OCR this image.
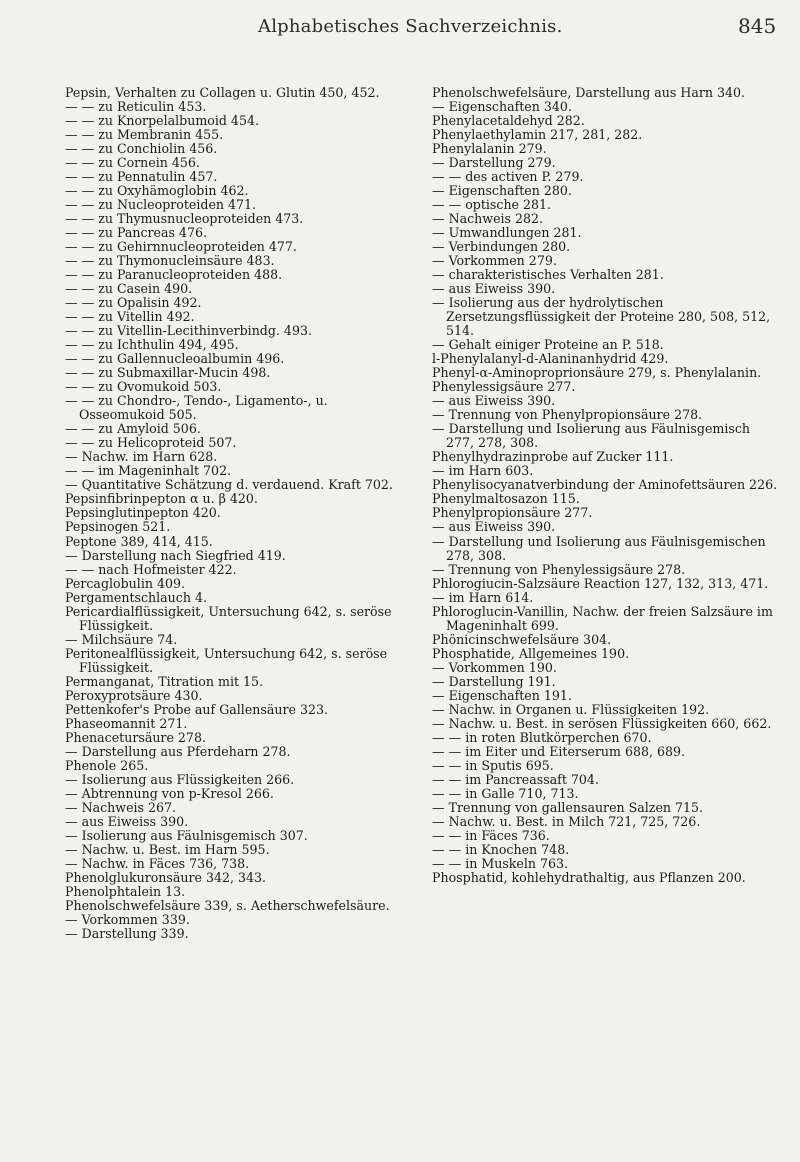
Alphabetisches Sachverzeichnis.	845

Pepsin, Verhalten zu Collagen u. Glutin 450, 452.

— — zu Reticulin 453.

— — zu Knorpelalbumoid 454.

— — zu Membranin 455.

— — zu Conchiolin 456.

— — zu Cornein 456.

— — zu Pennatulin 457.

— — zu Oxyhämoglobin 462.

— — zu Nucleoproteiden 471.

— — zu Thymusnucleoproteiden 473.

— — zu Pancreas 476.

— — zu Gehirnnucleoproteiden 477.

— — zu Thymonucleinsäure 483.

— — zu Paranucleoproteiden 488.

— — zu Casein 490.

— — zu Opalisin 492.

— — zu Vitellin 492.

— — zu Vitellin-Lecithinverbindg. 493.

— — zu Ichthulin 494, 495.

— — zu Gallennucleoalbumin 496.

— — zu Submaxillar-Mucin 498.

— — zu Ovomukoid 503.

— — zu Chondro-, Tendo-, Ligamento-, u. Osseomukoid 505.

— — zu Amyloid 506.

— — zu Helicoproteid 507.

— Nachw. im Harn 628.

— — im Mageninhalt 702.

— Quantitative Schätzung d. verdauend. Kraft 702.

Pepsinfibrinpepton α u. β 420.

Pepsinglutinpepton 420.

Pepsinogen 521.

Peptone 389, 414, 415.

— Darstellung nach Siegfried 419.

— — nach Hofmeister 422.

Percaglobulin 409.

Pergamentschlauch 4.

Pericardialflüssigkeit, Untersuchung 642, s. seröse Flüssigkeit.

— Milchsäure 74.

Peritonealflüssigkeit, Untersuchung 642, s. seröse Flüssigkeit.

Permanganat, Titration mit 15.

Peroxyprotsäure 430.

Pettenkofer's Probe auf Gallensäure 323.

Phaseomannit 271.

Phenacetursäure 278.

— Darstellung aus Pferdeharn 278.

Phenole 265.

— Isolierung aus Flüssigkeiten 266.

— Abtrennung von p-Kresol 266.

— Nachweis 267.

— aus Eiweiss 390.

— Isolierung aus Fäulnisgemisch 307.

— Nachw. u. Best. im Harn 595.

— Nachw. in Fäces 736, 738.

Phenolglukuronsäure 342, 343.

Phenolphtalein 13.

Phenolschwefelsäure 339, s. Aetherschwefelsäure.

— Vorkommen 339.

— Darstellung 339.

Phenolschwefelsäure, Darstellung aus Harn 340.

— Eigenschaften 340.

Phenylacetaldehyd 282.

Phenylaethylamin 217, 281, 282.

Phenylalanin 279.

— Darstellung 279.

— — des activen P. 279.

— Eigenschaften 280.

— — optische 281.

— Nachweis 282.

— Umwandlungen 281.

— Verbindungen 280.

— Vorkommen 279.

— charakteristisches Verhalten 281.

— aus Eiweiss 390.

— Isolierung aus der hydrolytischen Zersetzungsflüssigkeit der Proteine 280, 508, 512, 514.

— Gehalt einiger Proteine an P. 518.

l-Phenylalanyl-d-Alaninanhydrid 429.

Phenyl-α-Aminoproprionsäure 279, s. Phenylalanin.

Phenylessigsäure 277.

— aus Eiweiss 390.

— Trennung von Phenylpropionsäure 278.

— Darstellung und Isolierung aus Fäulnisgemisch 277, 278, 308.

Phenylhydrazinprobe auf Zucker 111.

— im Harn 603.

Phenylisocyanatverbindung der Aminofettsäuren 226.

Phenylmaltosazon 115.

Phenylpropionsäure 277.

— aus Eiweiss 390.

— Darstellung und Isolierung aus Fäulnisgemischen 278, 308.

— Trennung von Phenylessigsäure 278.

Phlorogiucin-Salzsäure Reaction 127, 132, 313, 471.

— im Harn 614.

Phloroglucin-Vanillin, Nachw. der freien Salzsäure im Mageninhalt 699.

Phönicinschwefelsäure 304.

Phosphatide, Allgemeines 190.

— Vorkommen 190.

— Darstellung 191.

— Eigenschaften 191.

— Nachw. in Organen u. Flüssigkeiten 192.

— Nachw. u. Best. in serösen Flüssigkeiten 660, 662.

— — in roten Blutkörperchen 670.

— — im Eiter und Eiterserum 688, 689.

— — in Sputis 695.

— — im Pancreassaft 704.

— — in Galle 710, 713.

— Trennung von gallensauren Salzen 715.

— Nachw. u. Best. in Milch 721, 725, 726.

— — in Fäces 736.

— — in Knochen 748.

— — in Muskeln 763.

Phosphatid, kohlehydrathaltig, aus Pflanzen 200.
